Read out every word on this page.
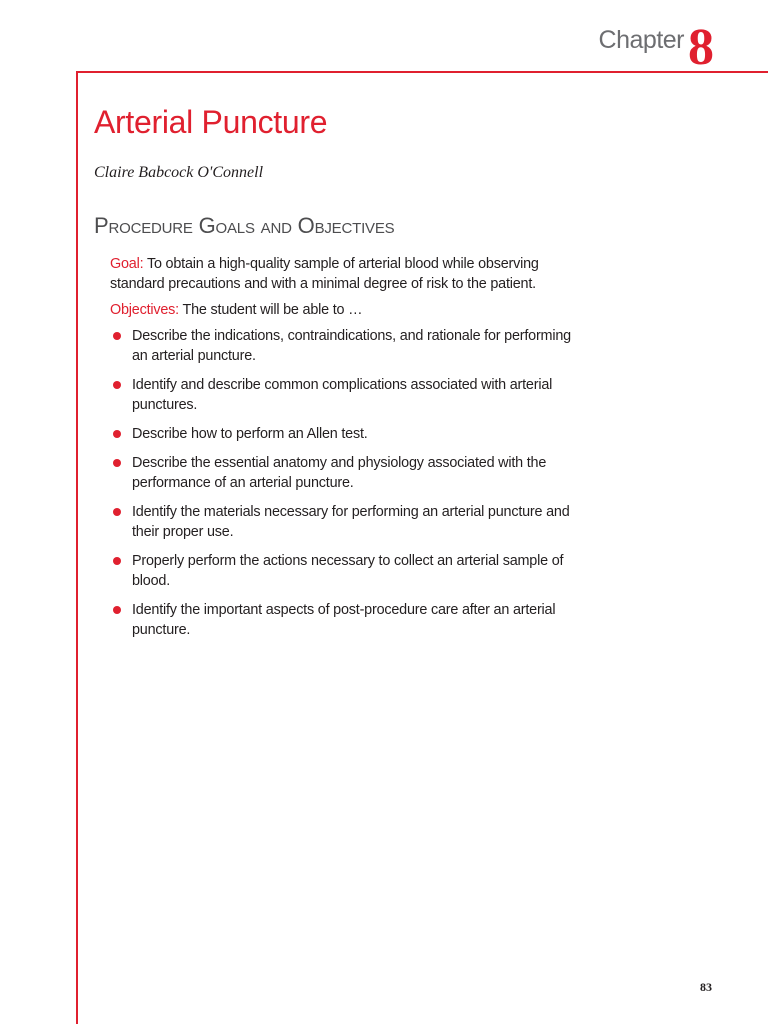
Chapter 8
Arterial Puncture
Claire Babcock O'Connell
Procedure Goals and Objectives

Goal: To obtain a high-quality sample of arterial blood while observing standard precautions and with a minimal degree of risk to the patient.

Objectives: The student will be able to …

Describe the indications, contraindications, and rationale for performing an arterial puncture.
Identify and describe common complications associated with arterial punctures.
Describe how to perform an Allen test.
Describe the essential anatomy and physiology associated with the performance of an arterial puncture.
Identify the materials necessary for performing an arterial puncture and their proper use.
Properly perform the actions necessary to collect an arterial sample of blood.
Identify the important aspects of post-procedure care after an arterial puncture.
83
